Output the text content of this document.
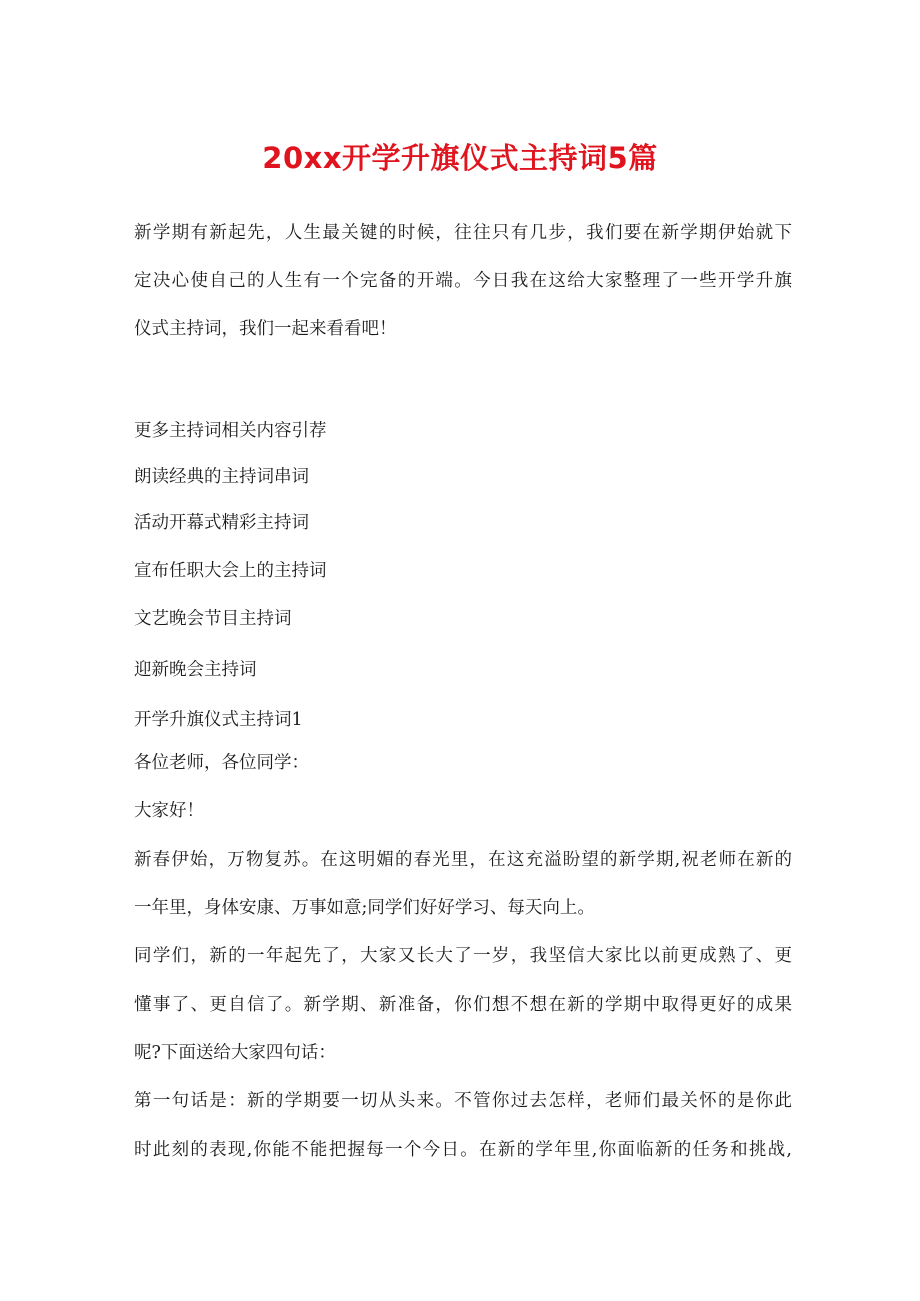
20xx开学升旗仪式主持词5篇

新学期有新起先，人生最关键的时候，往往只有几步，我们要在新学期伊始就下

定决心使自己的人生有一个完备的开端。今日我在这给大家整理了一些开学升旗

仪式主持词，我们一起来看看吧！

更多主持词相关内容引荐

朗读经典的主持词串词

活动开幕式精彩主持词

宣布任职大会上的主持词

文艺晚会节目主持词

迎新晚会主持词

开学升旗仪式主持词1

各位老师，各位同学：

大家好！

新春伊始，万物复苏。在这明媚的春光里，在这充溢盼望的新学期,祝老师在新的

一年里，身体安康、万事如意;同学们好好学习、每天向上。

同学们，新的一年起先了，大家又长大了一岁，我坚信大家比以前更成熟了、更

懂事了、更自信了。新学期、新准备，你们想不想在新的学期中取得更好的成果

呢?下面送给大家四句话：

第一句话是：新的学期要一切从头来。不管你过去怎样，老师们最关怀的是你此

时此刻的表现,你能不能把握每一个今日。在新的学年里,你面临新的任务和挑战,
